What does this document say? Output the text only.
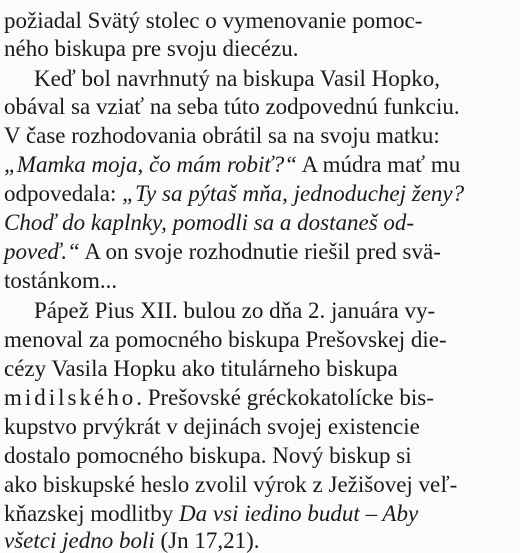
požiadal Svätý stolec o vymenovanie pomoc-
ného biskupa pre svoju diecézu.
Keď bol navrhnutý na biskupa Vasil Hopko,
obával sa vziať na seba túto zodpovednú funkciu.
V čase rozhodovania obrátil sa na svoju matku:
„Mamka moja, čo mám robiť?“ A múdra mať mu
odpovedala: „Ty sa pýtaš mňa, jednoduchej ženy?
Choď do kaplnky, pomodli sa a dostaneš od-
poveď.“ A on svoje rozhodnutie riešil pred svä-
tostánkom...
Pápež Pius XII. bulou zo dňa 2. januára vy-
menoval za pomocného biskupa Prešovskej die-
cézy Vasila Hopku ako titulárneho biskupa
midilského. Prešovské gréckokatolícke bis-
kupstvo prvýkrát v dejinách svojej existencie
dostalo pomocného biskupa. Nový biskup si
ako biskupské heslo zvolil výrok z Ježišovej veľ-
kňazskej modlitby Da vsi iedino budut – Aby
všetci jedno boli (Jn 17,21).
